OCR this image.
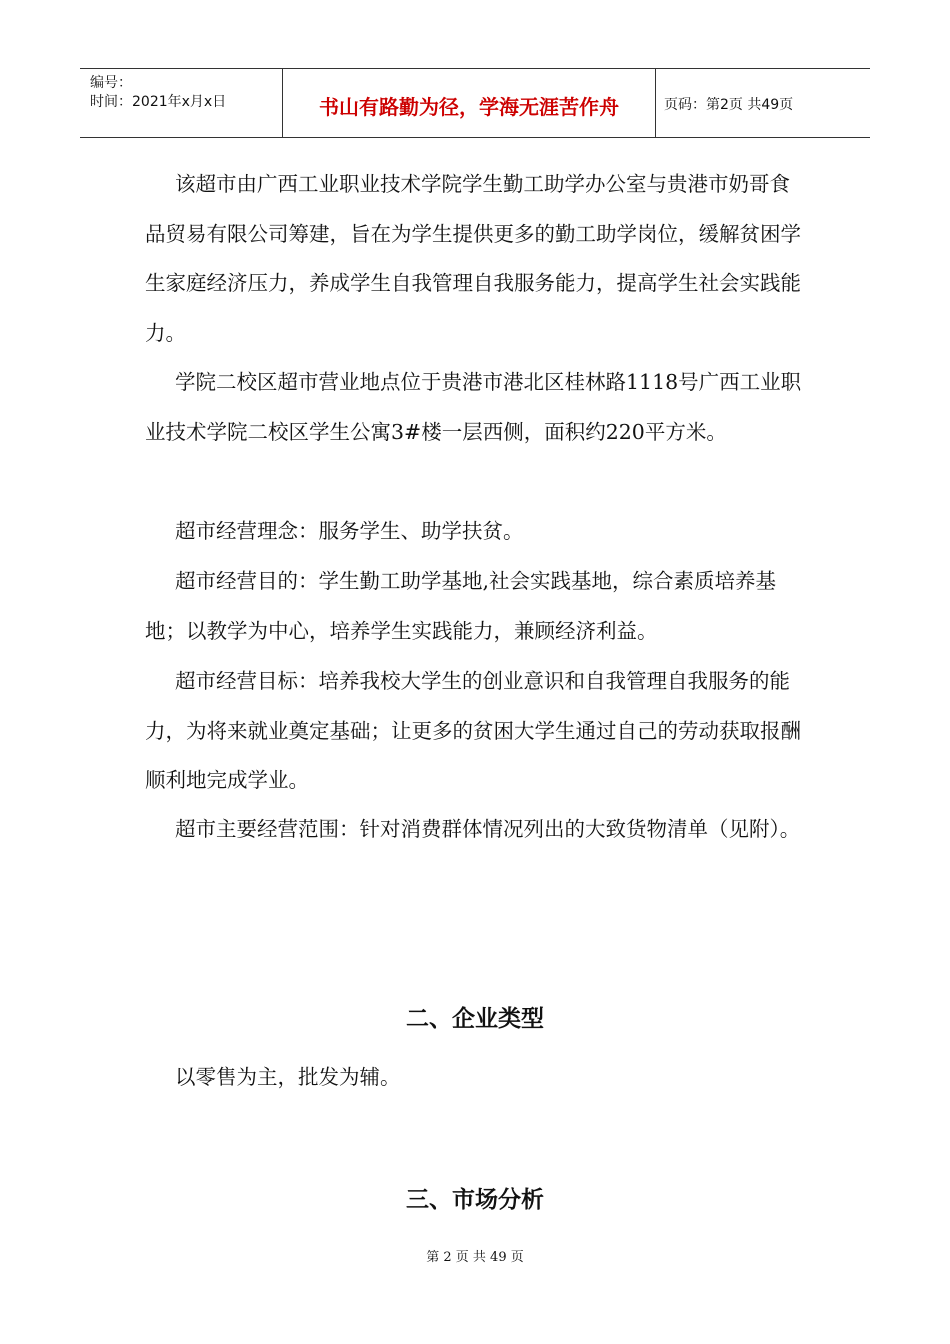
编号：
时间：2021年x月x日	书山有路勤为径，学海无涯苦作舟	页码：第2页 共49页

该超市由广西工业职业技术学院学生勤工助学办公室与贵港市奶哥食品贸易有限公司筹建，旨在为学生提供更多的勤工助学岗位，缓解贫困学生家庭经济压力，养成学生自我管理自我服务能力，提高学生社会实践能力。

学院二校区超市营业地点位于贵港市港北区桂林路1118号广西工业职业技术学院二校区学生公寓3#楼一层西侧，面积约220平方米。

超市经营理念：服务学生、助学扶贫。

超市经营目的：学生勤工助学基地,社会实践基地，综合素质培养基地；以教学为中心，培养学生实践能力，兼顾经济利益。

超市经营目标：培养我校大学生的创业意识和自我管理自我服务的能力，为将来就业奠定基础；让更多的贫困大学生通过自己的劳动获取报酬顺利地完成学业。

超市主要经营范围：针对消费群体情况列出的大致货物清单（见附）。

二、企业类型

以零售为主，批发为辅。

三、市场分析
第 2 页 共 49 页
